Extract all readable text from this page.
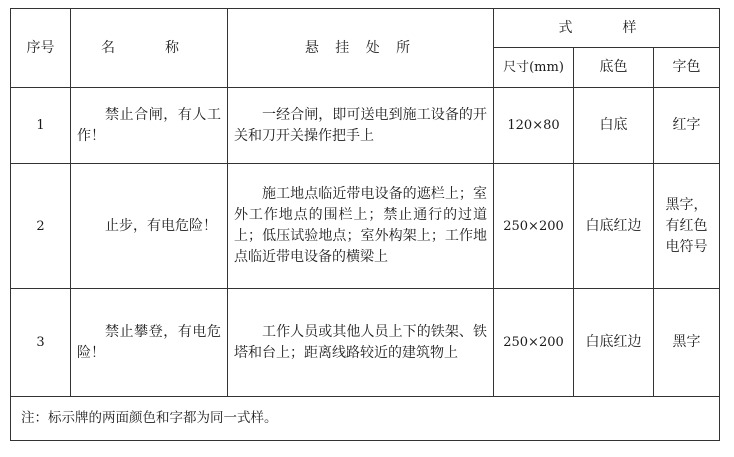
序号	名　称	悬 挂 处 所	式　样		
			尺寸(mm)	底色	字色
1	禁止合闸，有人工作！	一经合闸，即可送电到施工设备的开关和刀开关操作把手上	120×80	白底	红字
2	止步，有电危险！	施工地点临近带电设备的遮栏上；室外工作地点的围栏上；禁止通行的过道上；低压试验地点；室外构架上；工作地点临近带电设备的横梁上	250×200	白底红边	黑字，有红色电符号
3	禁止攀登，有电危险！	工作人员或其他人员上下的铁架、铁塔和台上；距离线路较近的建筑物上	250×200	白底红边	黑字
注：标示牌的两面颜色和字都为同一式样。					
